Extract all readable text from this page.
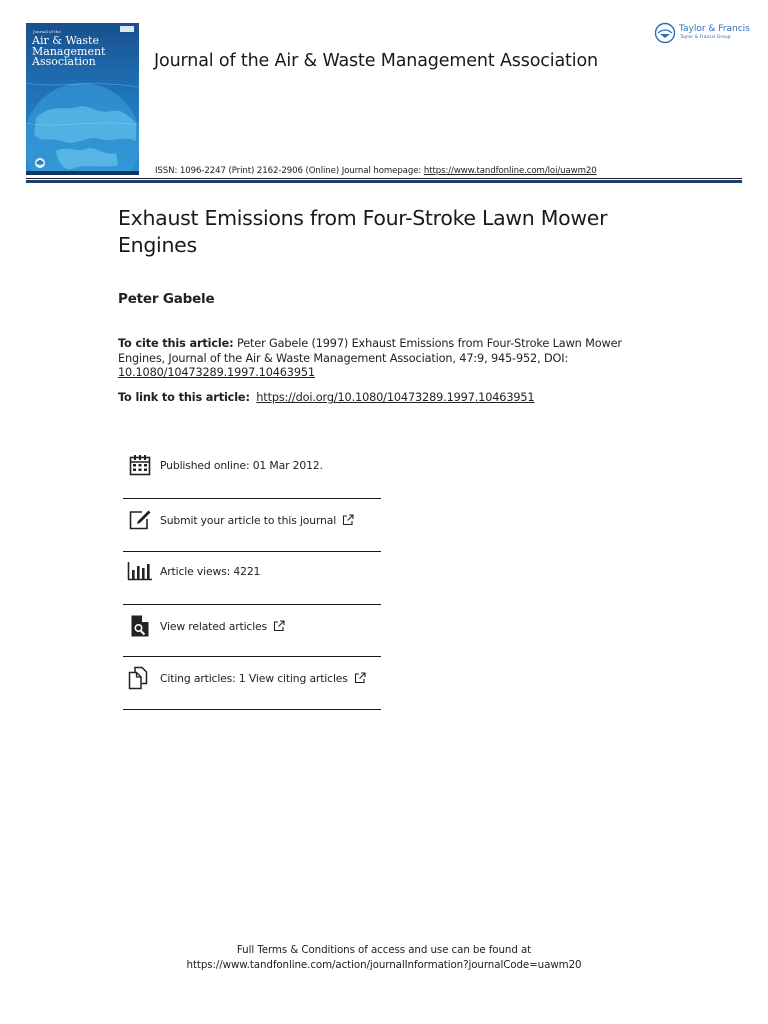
Journal of the
Air & Waste
Management
Association	Journal of the Air & Waste Management Association
Taylor & Francis
Taylor & Francis Group
ISSN: 1096-2247 (Print) 2162-2906 (Online) Journal homepage: https://www.tandfonline.com/loi/uawm20
Exhaust Emissions from Four-Stroke Lawn Mower Engines
Peter Gabele
To cite this article: Peter Gabele (1997) Exhaust Emissions from Four-Stroke Lawn Mower Engines, Journal of the Air & Waste Management Association, 47:9, 945-952, DOI:
10.1080/10473289.1997.10463951
To link to this article: https://doi.org/10.1080/10473289.1997.10463951
Published online: 01 Mar 2012.
Submit your article to this journal
Article views: 4221
View related articles
Citing articles: 1 View citing articles
Full Terms & Conditions of access and use can be found at
https://www.tandfonline.com/action/journalInformation?journalCode=uawm20
